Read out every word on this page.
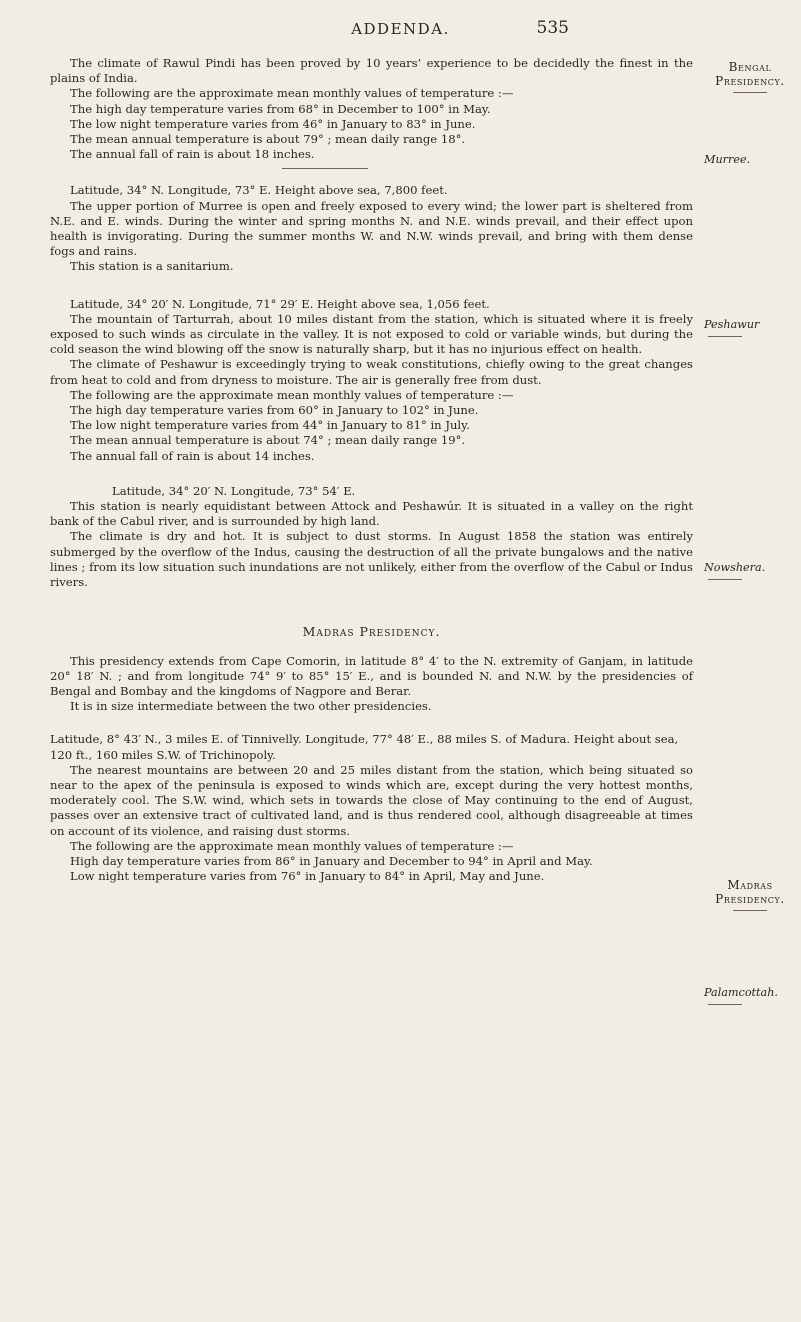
ADDENDA.	535
Bengal
Presidency.
Murree.
Peshawur
Nowshera.
Madras
Presidency.
Palamcottah.

The climate of Rawul Pindi has been proved by 10 years’ experience to be decidedly the finest in the plains of India.

The following are the approximate mean monthly values of temperature :—

The high day temperature varies from 68° in December to 100° in May.

The low night temperature varies from 46° in January to 83° in June.

The mean annual temperature is about 79° ; mean daily range 18°.

The annual fall of rain is about 18 inches.

Latitude, 34° N. Longitude, 73° E. Height above sea, 7,800 feet.

The upper portion of Murree is open and freely exposed to every wind; the lower part is sheltered from N.E. and E. winds. During the winter and spring months N. and N.E. winds prevail, and their effect upon health is invigorating. During the summer months W. and N.W. winds prevail, and bring with them dense fogs and rains.

This station is a sanitarium.

Latitude, 34° 20′ N. Longitude, 71° 29′ E. Height above sea, 1,056 feet.

The mountain of Tarturrah, about 10 miles distant from the station, which is situated where it is freely exposed to such winds as circulate in the valley. It is not exposed to cold or variable winds, but during the cold season the wind blowing off the snow is naturally sharp, but it has no injurious effect on health.

The climate of Peshawur is exceedingly trying to weak constitutions, chiefly owing to the great changes from heat to cold and from dryness to moisture. The air is generally free from dust.

The following are the approximate mean monthly values of temperature :—

The high day temperature varies from 60° in January to 102° in June.

The low night temperature varies from 44° in January to 81° in July.

The mean annual temperature is about 74° ; mean daily range 19°.

The annual fall of rain is about 14 inches.

Latitude, 34° 20′ N. Longitude, 73° 54′ E.

This station is nearly equidistant between Attock and Peshawúr. It is situated in a valley on the right bank of the Cabul river, and is surrounded by high land.

The climate is dry and hot. It is subject to dust storms. In August 1858 the station was entirely submerged by the overflow of the Indus, causing the destruction of all the private bungalows and the native lines ; from its low situation such inundations are not unlikely, either from the overflow of the Cabul or Indus rivers.

Madras Presidency.

This presidency extends from Cape Comorin, in latitude 8° 4′ to the N. extremity of Ganjam, in latitude 20° 18′ N. ; and from longitude 74° 9′ to 85° 15′ E., and is bounded N. and N.W. by the presidencies of Bengal and Bombay and the kingdoms of Nagpore and Berar.

It is in size intermediate between the two other presidencies.

Latitude, 8° 43′ N., 3 miles E. of Tinnivelly. Longitude, 77° 48′ E., 88 miles S. of Madura. Height about sea, 120 ft., 160 miles S.W. of Trichinopoly.

The nearest mountains are between 20 and 25 miles distant from the station, which being situated so near to the apex of the peninsula is exposed to winds which are, except during the very hottest months, moderately cool. The S.W. wind, which sets in towards the close of May continuing to the end of August, passes over an extensive tract of cultivated land, and is thus rendered cool, although disagreeable at times on account of its violence, and raising dust storms.

The following are the approximate mean monthly values of temperature :—

High day temperature varies from 86° in January and December to 94° in April and May.

Low night temperature varies from 76° in January to 84° in April, May and June.
